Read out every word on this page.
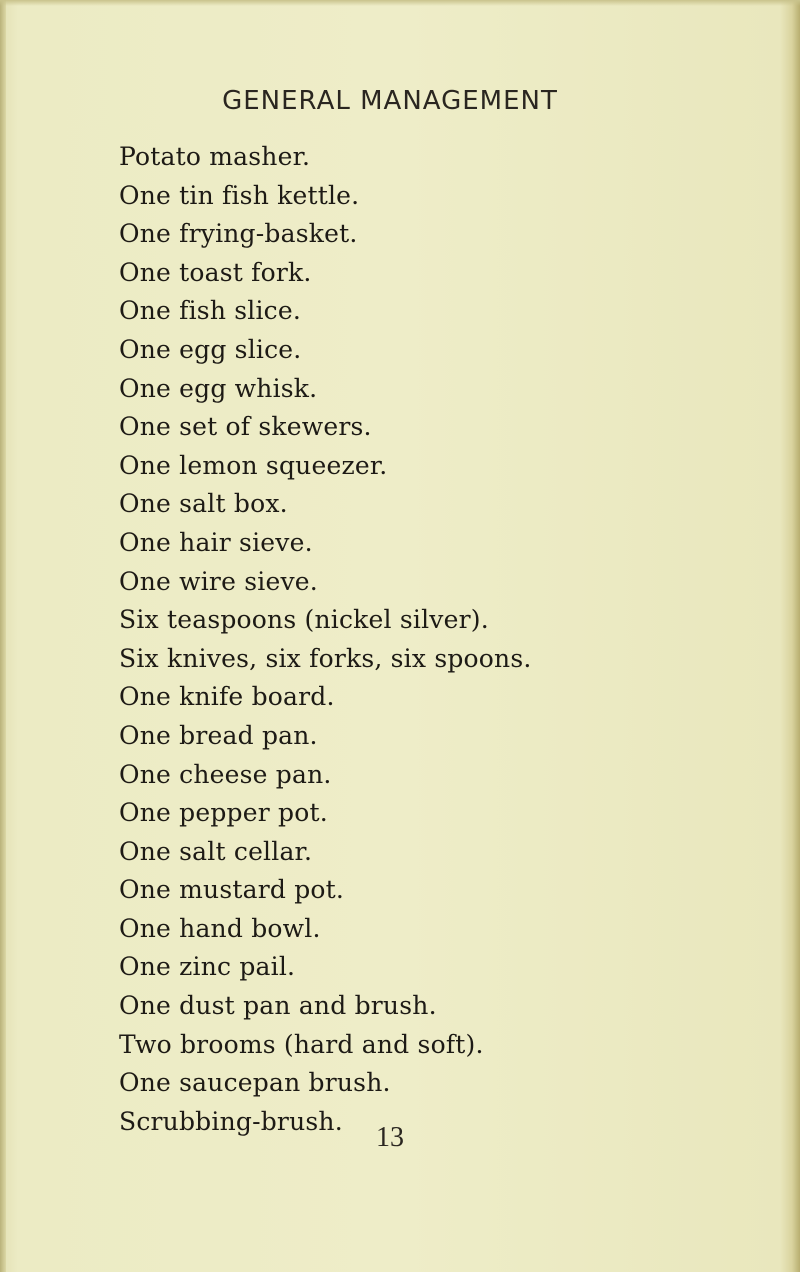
GENERAL MANAGEMENT
Potato masher.
One tin fish kettle.
One frying-basket.
One toast fork.
One fish slice.
One egg slice.
One egg whisk.
One set of skewers.
One lemon squeezer.
One salt box.
One hair sieve.
One wire sieve.
Six teaspoons (nickel silver).
Six knives, six forks, six spoons.
One knife board.
One bread pan.
One cheese pan.
One pepper pot.
One salt cellar.
One mustard pot.
One hand bowl.
One zinc pail.
One dust pan and brush.
Two brooms (hard and soft).
One saucepan brush.
Scrubbing-brush.
13
